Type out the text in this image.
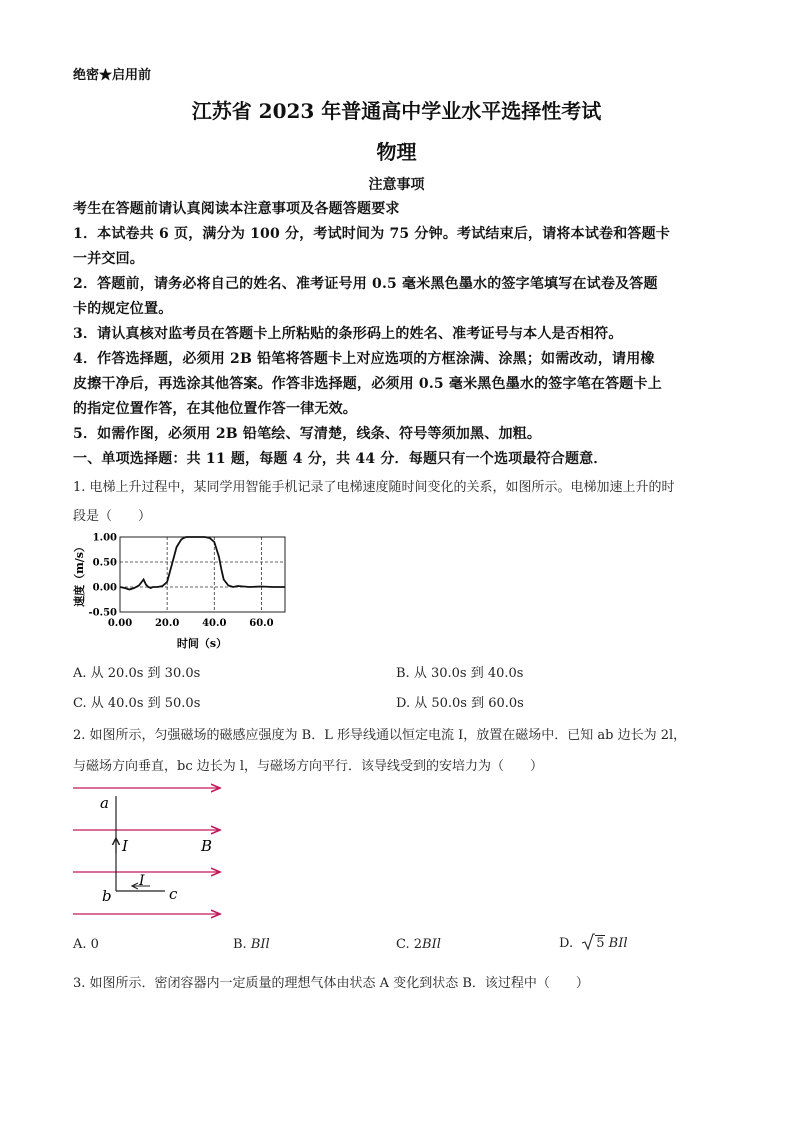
绝密★启用前
江苏省 2023 年普通高中学业水平选择性考试
物理
注意事项
考生在答题前请认真阅读本注意事项及各题答题要求
1．本试卷共 6 页，满分为 100 分，考试时间为 75 分钟。考试结束后，请将本试卷和答题卡
一并交回。
2．答题前，请务必将自己的姓名、准考证号用 0.5 毫米黑色墨水的签字笔填写在试卷及答题
卡的规定位置。
3．请认真核对监考员在答题卡上所粘贴的条形码上的姓名、准考证号与本人是否相符。
4．作答选择题，必须用 2B 铅笔将答题卡上对应选项的方框涂满、涂黑；如需改动，请用橡
皮擦干净后，再选涂其他答案。作答非选择题，必须用 0.5 毫米黑色墨水的签字笔在答题卡上
的指定位置作答，在其他位置作答一律无效。
5．如需作图，必须用 2B 铅笔绘、写清楚，线条、符号等须加黑、加粗。
一、单项选择题：共 11 题，每题 4 分，共 44 分．每题只有一个选项最符合题意．
1. 电梯上升过程中，某同学用智能手机记录了电梯速度随时间变化的关系，如图所示。电梯加速上升的时
段是（　　）
1.00
0.50
0.00
-0.50
0.00 20.0 40.0 60.0
速度（m/s）
时间（s）
A. 从 20.0s 到 30.0s	B. 从 30.0s 到 40.0s
C. 从 40.0s 到 50.0s	D. 从 50.0s 到 60.0s
2. 如图所示，匀强磁场的磁感应强度为 B．L 形导线通以恒定电流 I，放置在磁场中．已知 ab 边长为 2l，
与磁场方向垂直，bc 边长为 l，与磁场方向平行．该导线受到的安培力为（　　）
a
I	B
I
b	c
A. 0	B. BIl	C. 2BIl	D. 5 BIl
3. 如图所示．密闭容器内一定质量的理想气体由状态 A 变化到状态 B．该过程中（　　）
